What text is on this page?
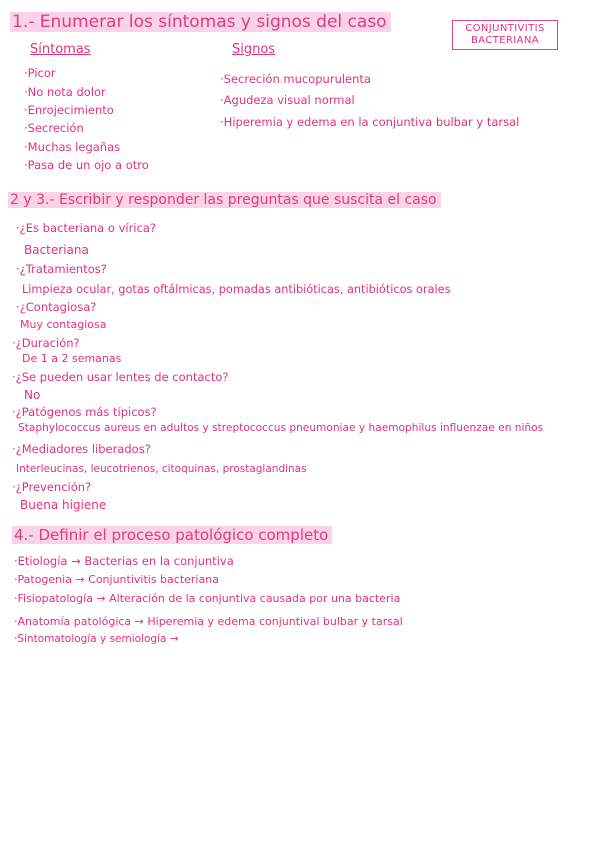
CONJUNTIVITIS
BACTERIANA
1.- Enumerar los síntomas y signos del caso
Síntomas	Signos
·Picor
·No nota dolor
·Enrojecimiento
·Secreción
·Muchas legañas
·Pasa de un ojo a otro
·Secreción mucopurulenta
·Agudeza visual normal
·Hiperemia y edema en la conjuntiva bulbar y tarsal
2 y 3.- Escribir y responder las preguntas que suscita el caso
·¿Es bacteriana o vírica?
Bacteriana
·¿Tratamientos?
Limpieza ocular, gotas oftálmicas, pomadas antibióticas, antibióticos orales
·¿Contagiosa?
Muy contagiosa
·¿Duración?
De 1 a 2 semanas
·¿Se pueden usar lentes de contacto?
No
·¿Patógenos más típicos?
Staphylococcus aureus en adultos y streptococcus pneumoniae y haemophilus influenzae en niños
·¿Mediadores liberados?
Interleucinas, leucotrienos, citoquinas, prostaglandinas
·¿Prevención?
Buena higiene
4.- Definir el proceso patológico completo
·Etiología → Bacterias en la conjuntiva
·Patogenia → Conjuntivitis bacteriana
·Fisiopatología → Alteración de la conjuntiva causada por una bacteria
·Anatomía patológica → Hiperemia y edema conjuntival bulbar y tarsal
·Sintomatología y semiología →
